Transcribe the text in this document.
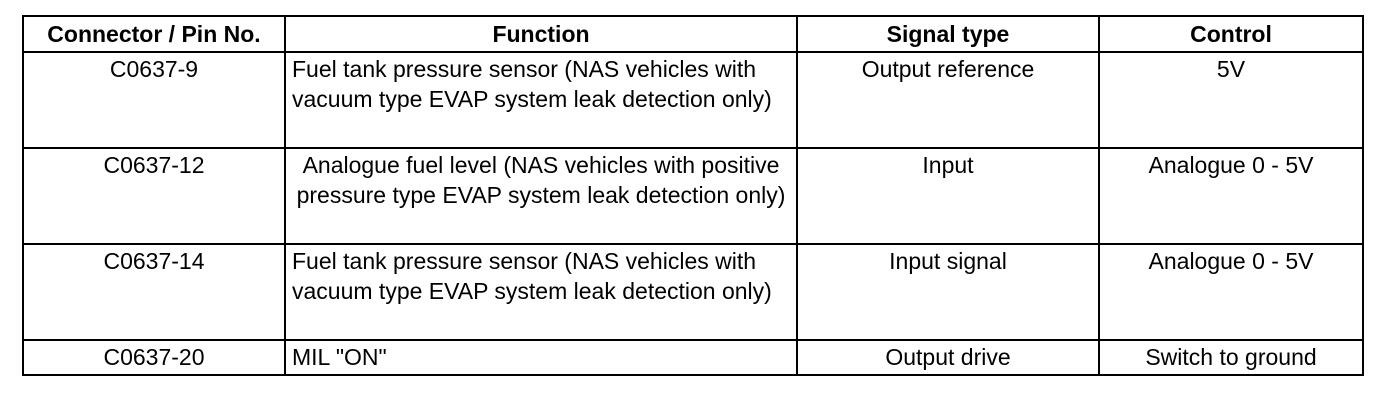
Connector / Pin No.	Function	Signal type	Control
C0637-9	Fuel tank pressure sensor (NAS vehicles with vacuum type EVAP system leak detection only)	Output reference	5V
C0637-12	Analogue fuel level (NAS vehicles with positive pressure type EVAP system leak detection only)	Input	Analogue 0 - 5V
C0637-14	Fuel tank pressure sensor (NAS vehicles with vacuum type EVAP system leak detection only)	Input signal	Analogue 0 - 5V
C0637-20	MIL "ON"	Output drive	Switch to ground
